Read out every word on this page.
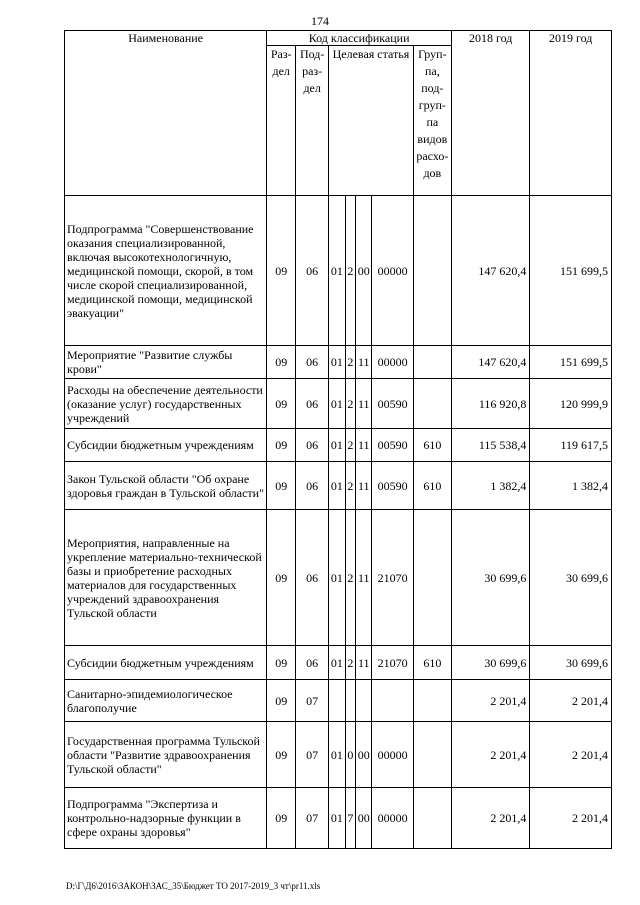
174
Наименование	Код классификации							2018 год	2019 год
	Раз-дел	Под-раз-дел	Целевая статья				Груп-па, под-груп-па видов расхо-дов		
Подпрограмма "Совершенствование оказания специализированной, включая высокотехнологичную, медицинской помощи, скорой, в том числе скорой специализированной, медицинской помощи, медицинской эвакуации"	09	06	01	2	00	00000		147 620,4	151 699,5
Мероприятие "Развитие службы крови"	09	06	01	2	11	00000		147 620,4	151 699,5
Расходы на обеспечение деятельности (оказание услуг) государственных учреждений	09	06	01	2	11	00590		116 920,8	120 999,9
Субсидии бюджетным учреждениям	09	06	01	2	11	00590	610	115 538,4	119 617,5
Закон Тульской области "Об охране здоровья граждан в Тульской области"	09	06	01	2	11	00590	610	1 382,4	1 382,4
Мероприятия, направленные на укрепление материально-технической базы и приобретение расходных материалов для государственных учреждений здравоохранения Тульской области	09	06	01	2	11	21070		30 699,6	30 699,6
Субсидии бюджетным учреждениям	09	06	01	2	11	21070	610	30 699,6	30 699,6
Санитарно-эпидемиологическое благополучие	09	07						2 201,4	2 201,4
Государственная программа Тульской области "Развитие здравоохранения Тульской области"	09	07	01	0	00	00000		2 201,4	2 201,4
Подпрограмма "Экспертиза и контрольно-надзорные функции в сфере охраны здоровья"	09	07	01	7	00	00000		2 201,4	2 201,4
D:\Г\Д6\2016\ЗАКОН\ЗАС_35\Бюджет ТО 2017-2019_3 чт\pr11.xls
